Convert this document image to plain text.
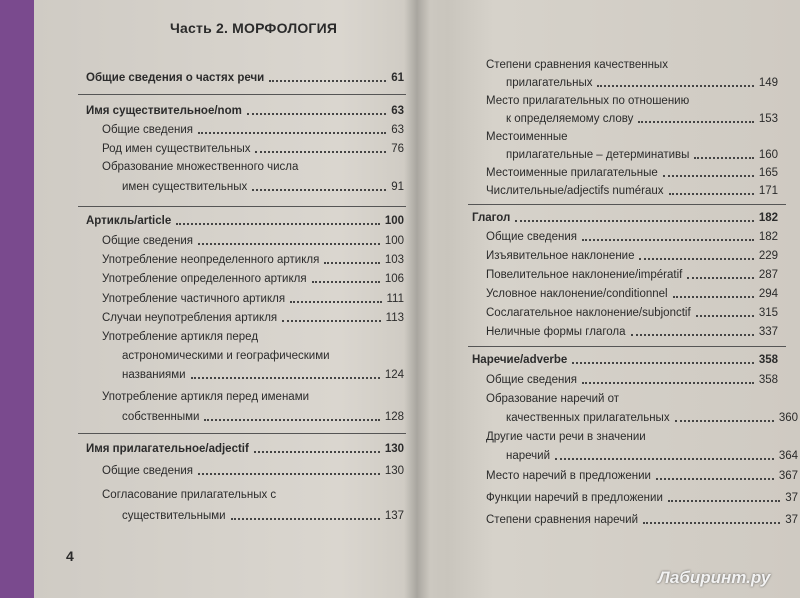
Часть 2. МОРФОЛОГИЯ
Общие сведения о частях речи	61
Имя существительное/nom	63
Общие сведения	63
Род имен существительных	76
Образование множественного числа
имен существительных	91
Артикль/article	100
Общие сведения	100
Употребление неопределенного артикля	103
Употребление определенного артикля	106
Употребление частичного артикля	111
Случаи неупотребления артикля	113
Употребление артикля перед
астрономическими и географическими
названиями	124
Употребление артикля перед именами
собственными	128
Имя прилагательное/adjectif	130
Общие сведения	130
Согласование прилагательных с
существительными	137
4
Степени сравнения качественных
прилагательных	149
Место прилагательных по отношению
к определяемому слову	153
Местоименные
прилагательные – детерминативы	160
Местоименные прилагательные	165
Числительные/adjectifs numéraux	171
Глагол	182
Общие сведения	182
Изъявительное наклонение	229
Повелительное наклонение/impératif	287
Условное наклонение/conditionnel	294
Сослагательное наклонение/subjonctif	315
Неличные формы глагола	337
Наречие/adverbe	358
Общие сведения	358
Образование наречий от
качественных прилагательных	360
Другие части речи в значении
наречий	364
Место наречий в предложении	367
Функции наречий в предложении	37
Степени сравнения наречий	37
Лабиринт.ру
